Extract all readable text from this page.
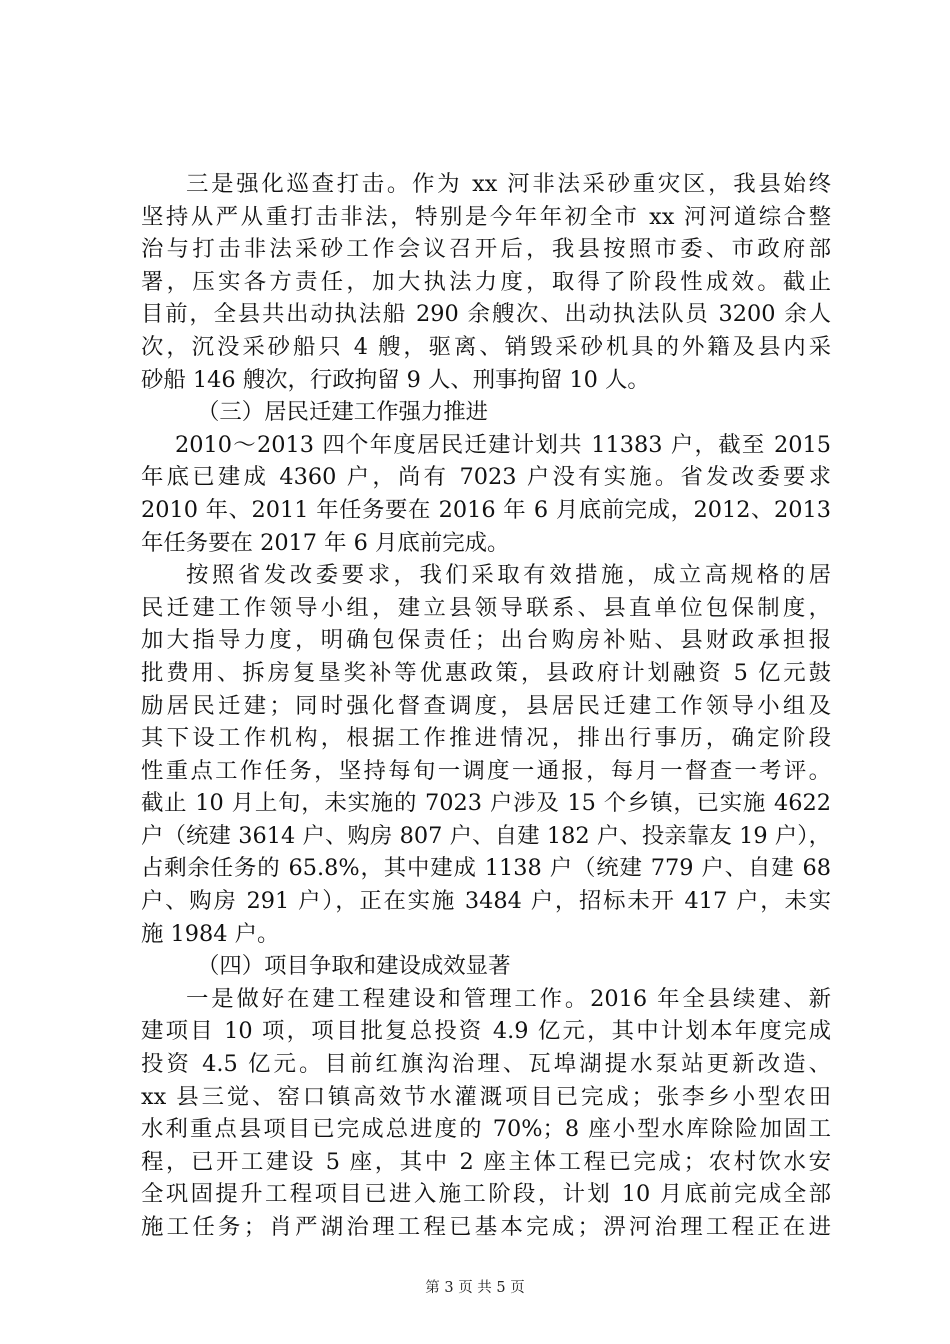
三是强化巡查打击。作为 xx 河非法采砂重灾区，我县始终
坚持从严从重打击非法，特别是今年年初全市 xx 河河道综合整
治与打击非法采砂工作会议召开后，我县按照市委、市政府部
署，压实各方责任，加大执法力度，取得了阶段性成效。截止
目前，全县共出动执法船 290 余艘次、出动执法队员 3200 余人
次，沉没采砂船只 4 艘，驱离、销毁采砂机具的外籍及县内采
砂船 146 艘次，行政拘留 9 人、刑事拘留 10 人。
（三）居民迁建工作强力推进
2010～2013 四个年度居民迁建计划共 11383 户，截至 2015
年底已建成 4360 户，尚有 7023 户没有实施。省发改委要求
2010 年、2011 年任务要在 2016 年 6 月底前完成，2012、2013
年任务要在 2017 年 6 月底前完成。
按照省发改委要求，我们采取有效措施，成立高规格的居
民迁建工作领导小组，建立县领导联系、县直单位包保制度，
加大指导力度，明确包保责任；出台购房补贴、县财政承担报
批费用、拆房复垦奖补等优惠政策，县政府计划融资 5 亿元鼓
励居民迁建；同时强化督查调度，县居民迁建工作领导小组及
其下设工作机构，根据工作推进情况，排出行事历，确定阶段
性重点工作任务，坚持每旬一调度一通报，每月一督查一考评。
截止 10 月上旬，未实施的 7023 户涉及 15 个乡镇，已实施 4622
户（统建 3614 户、购房 807 户、自建 182 户、投亲靠友 19 户），
占剩余任务的 65.8%，其中建成 1138 户（统建 779 户、自建 68
户、购房 291 户），正在实施 3484 户，招标未开 417 户，未实
施 1984 户。
（四）项目争取和建设成效显著
一是做好在建工程建设和管理工作。2016 年全县续建、新
建项目 10 项，项目批复总投资 4.9 亿元，其中计划本年度完成
投资 4.5 亿元。目前红旗沟治理、瓦埠湖提水泵站更新改造、
xx 县三觉、窑口镇高效节水灌溉项目已完成；张李乡小型农田
水利重点县项目已完成总进度的 70%；8 座小型水库除险加固工
程，已开工建设 5 座，其中 2 座主体工程已完成；农村饮水安
全巩固提升工程项目已进入施工阶段，计划 10 月底前完成全部
施工任务；肖严湖治理工程已基本完成；淠河治理工程正在进
第 3 页 共 5 页
